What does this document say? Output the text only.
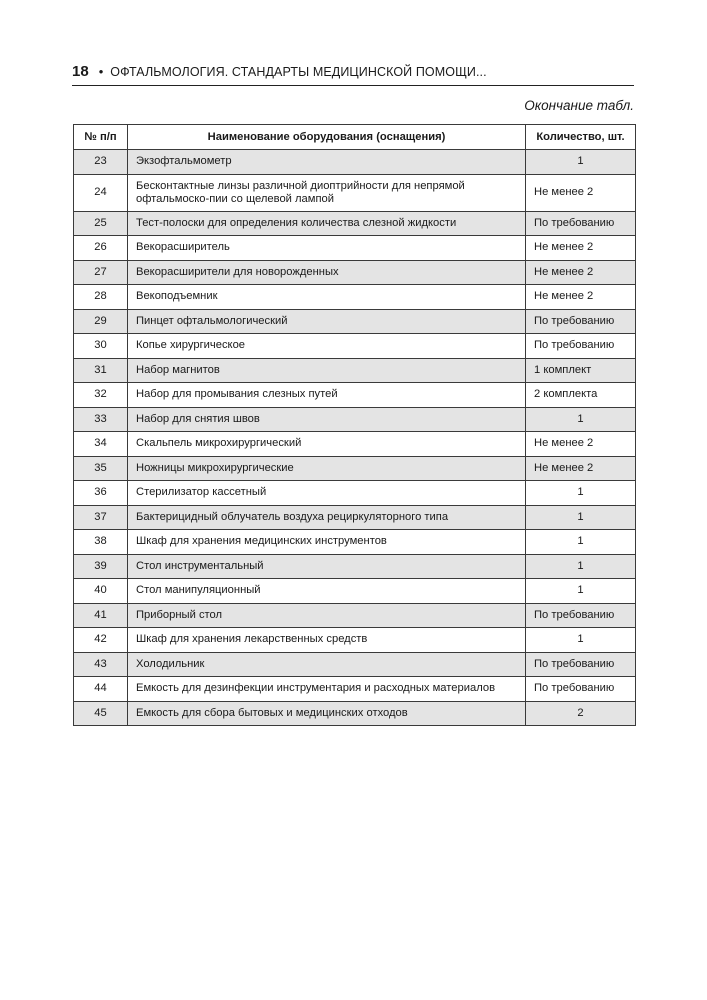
18 • ОФТАЛЬМОЛОГИЯ. СТАНДАРТЫ МЕДИЦИНСКОЙ ПОМОЩИ...
Окончание табл.
№ п/п	Наименование оборудования (оснащения)	Количество, шт.
23	Экзофтальмометр	1
24	Бесконтактные линзы различной диоптрийности для непрямой офтальмоско-пии со щелевой лампой	Не менее 2
25	Тест-полоски для определения количества слезной жидкости	По требованию
26	Векорасширитель	Не менее 2
27	Векорасширители для новорожденных	Не менее 2
28	Векоподъемник	Не менее 2
29	Пинцет офтальмологический	По требованию
30	Копье хирургическое	По требованию
31	Набор магнитов	1 комплект
32	Набор для промывания слезных путей	2 комплекта
33	Набор для снятия швов	1
34	Скальпель микрохирургический	Не менее 2
35	Ножницы микрохирургические	Не менее 2
36	Стерилизатор кассетный	1
37	Бактерицидный облучатель воздуха рециркуляторного типа	1
38	Шкаф для хранения медицинских инструментов	1
39	Стол инструментальный	1
40	Стол манипуляционный	1
41	Приборный стол	По требованию
42	Шкаф для хранения лекарственных средств	1
43	Холодильник	По требованию
44	Емкость для дезинфекции инструментария и расходных материалов	По требованию
45	Емкость для сбора бытовых и медицинских отходов	2
